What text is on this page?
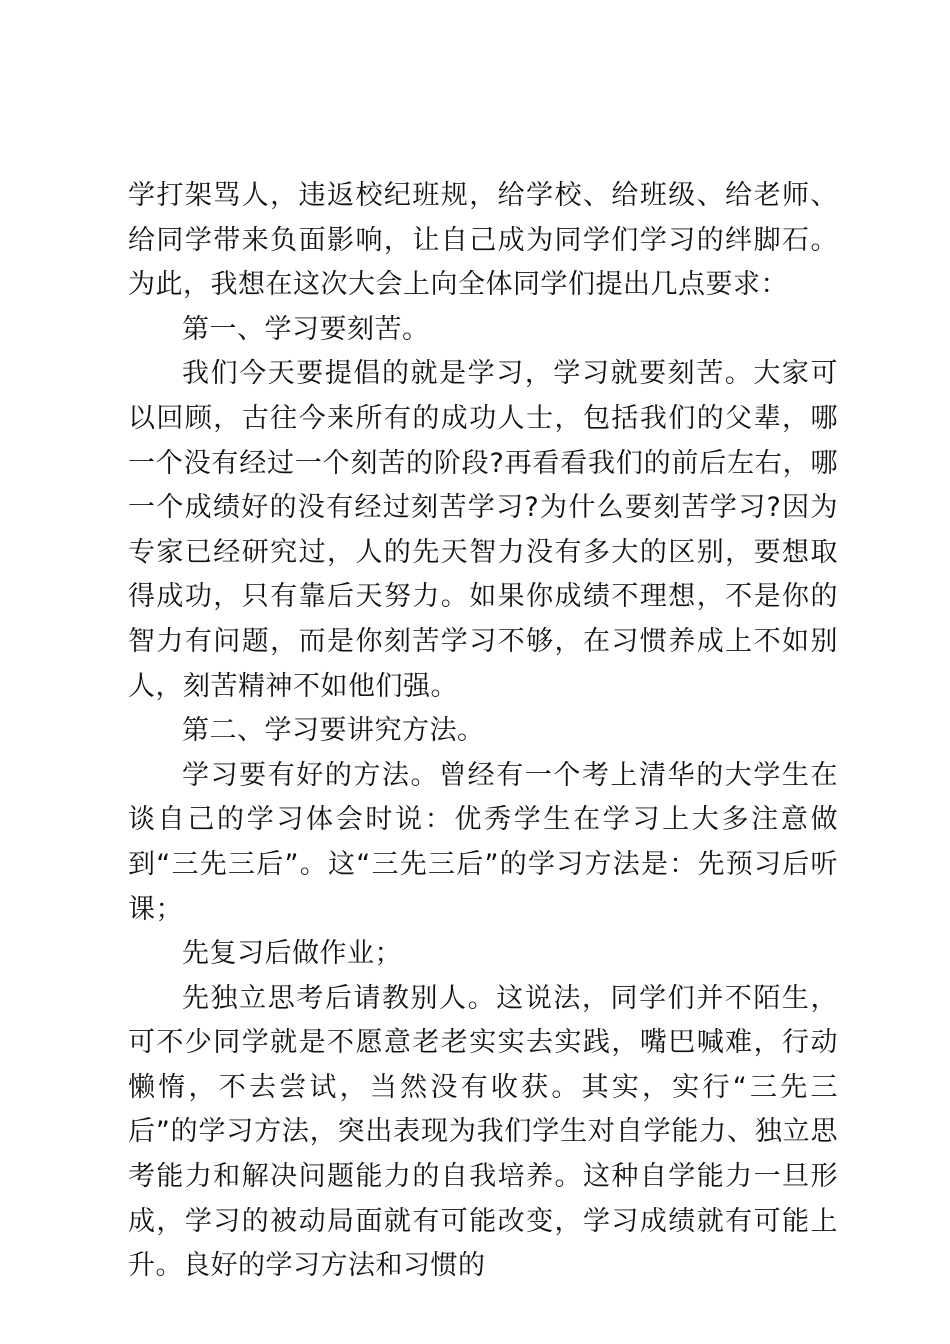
学打架骂人，违返校纪班规，给学校、给班级、给老师、给同学带来负面影响，让自己成为同学们学习的绊脚石。为此，我想在这次大会上向全体同学们提出几点要求：

第一、学习要刻苦。

我们今天要提倡的就是学习，学习就要刻苦。大家可以回顾，古往今来所有的成功人士，包括我们的父辈，哪一个没有经过一个刻苦的阶段?再看看我们的前后左右，哪一个成绩好的没有经过刻苦学习?为什么要刻苦学习?因为专家已经研究过，人的先天智力没有多大的区别，要想取得成功，只有靠后天努力。如果你成绩不理想，不是你的智力有问题，而是你刻苦学习不够，在习惯养成上不如别人，刻苦精神不如他们强。

第二、学习要讲究方法。

学习要有好的方法。曾经有一个考上清华的大学生在谈自己的学习体会时说：优秀学生在学习上大多注意做到“三先三后”。这“三先三后”的学习方法是：先预习后听课；

先复习后做作业；

先独立思考后请教别人。这说法，同学们并不陌生，可不少同学就是不愿意老老实实去实践，嘴巴喊难，行动懒惰，不去尝试，当然没有收获。其实，实行“三先三后”的学习方法，突出表现为我们学生对自学能力、独立思考能力和解决问题能力的自我培养。这种自学能力一旦形成，学习的被动局面就有可能改变，学习成绩就有可能上升。良好的学习方法和习惯的
